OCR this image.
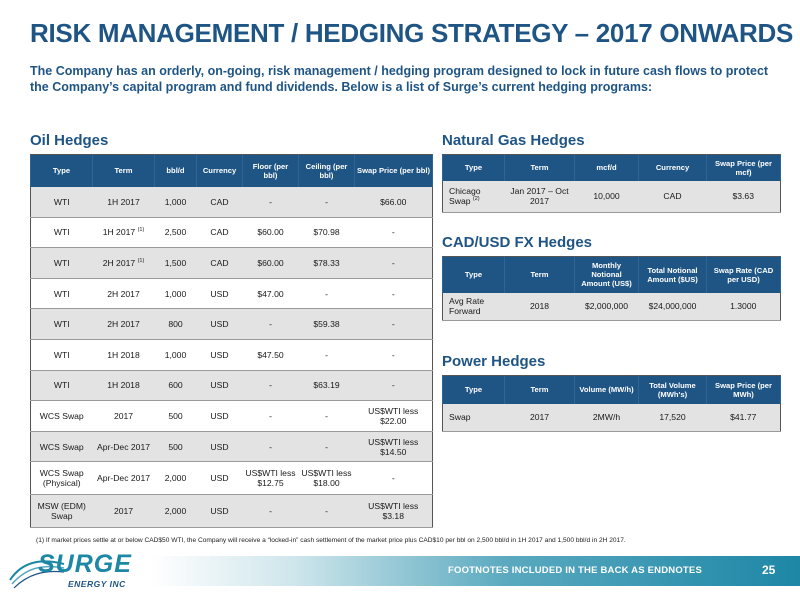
RISK MANAGEMENT / HEDGING STRATEGY – 2017 ONWARDS
The Company has an orderly, on-going, risk management / hedging program designed to lock in future cash flows to protect the Company’s capital program and fund dividends. Below is a list of Surge’s current hedging programs:
Oil Hedges
Type	Term	bbl/d	Currency	Floor (per bbl)	Ceiling (per bbl)	Swap Price (per bbl)
WTI	1H 2017	1,000	CAD	-	-	$66.00
WTI	1H 2017 $^{(1)}$	2,500	CAD	$60.00	$70.98	-
WTI	2H 2017 $^{(1)}$	1,500	CAD	$60.00	$78.33	-
WTI	2H 2017	1,000	USD	$47.00	-	-
WTI	2H 2017	800	USD	-	$59.38	-
WTI	1H 2018	1,000	USD	$47.50	-	-
WTI	1H 2018	600	USD	-	$63.19	-
WCS Swap	2017	500	USD	-	-	US$WTI less $22.00
WCS Swap	Apr-Dec 2017	500	USD	-	-	US$WTI less $14.50
WCS Swap (Physical)	Apr-Dec 2017	2,000	USD	US$WTI less $12.75	US$WTI less $18.00	-
MSW (EDM) Swap	2017	2,000	USD	-	-	US$WTI less $3.18
Natural Gas Hedges
Type	Term	mcf/d	Currency	Swap Price (per mcf)
Chicago Swap $^{(2)}$	Jan 2017 – Oct 2017	10,000	CAD	$3.63
CAD/USD FX Hedges
Type	Term	Monthly Notional Amount (US$)	Total Notional Amount ($US)	Swap Rate (CAD per USD)
Avg Rate Forward	2018	$2,000,000	$24,000,000	1.3000
Power Hedges
Type	Term	Volume (MW/h)	Total Volume (MWh's)	Swap Price (per MWh)
Swap	2017	2MW/h	17,520	$41.77
(1) If market prices settle at or below CAD$50 WTI, the Company will receive a “locked-in” cash settlement of the market price plus CAD$10 per bbl on 2,500 bbl/d in 1H 2017 and 1,500 bbl/d in 2H 2017.
FOOTNOTES INCLUDED IN THE BACK AS ENDNOTES	25
SURGE
ENERGY INC
